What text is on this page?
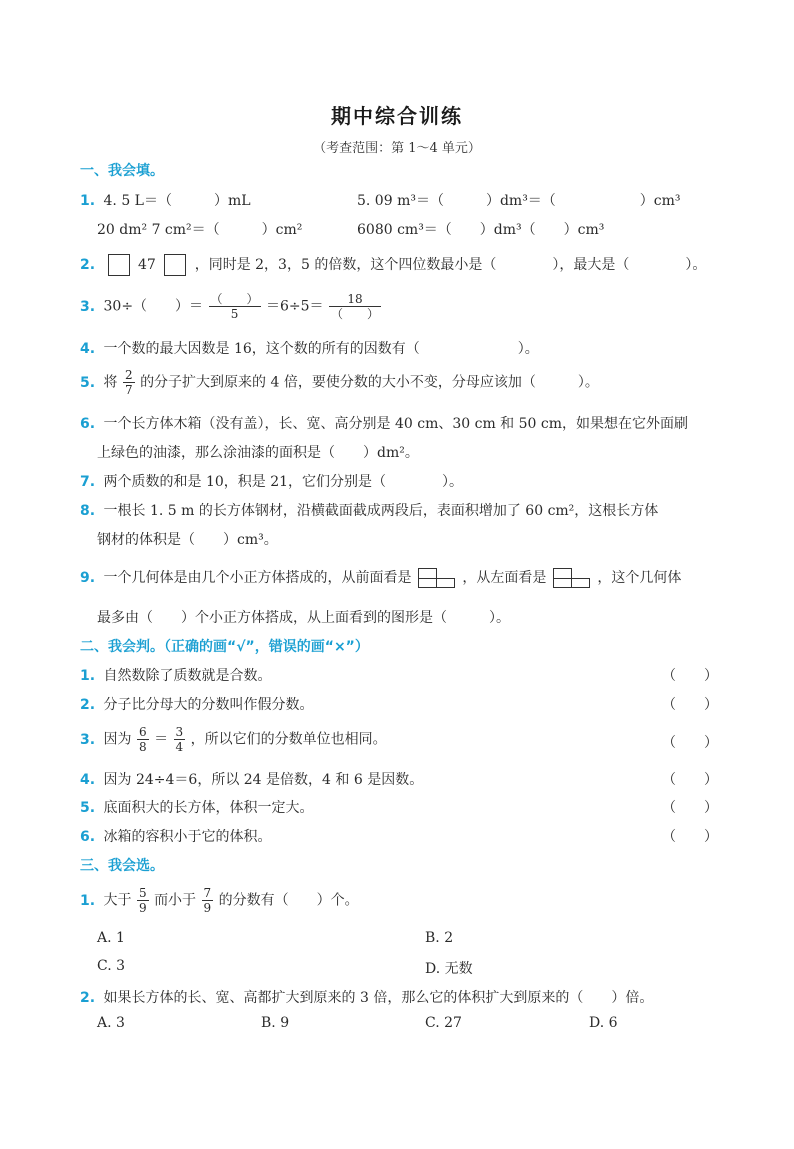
期中综合训练
（考查范围：第 1～4 单元）
一、我会填。
1. 4. 5 L＝（　　　）mL	5. 09 m³＝（　　　）dm³＝（　　　　　　）cm³
20 dm² 7 cm²＝（　　　）cm²	6080 cm³＝（　　）dm³（　　）cm³
2.	47	，同时是 2，3，5 的倍数，这个四位数最小是（　　　　），最大是（　　　　）。
3. 30÷（　　）＝ $\frac{( )}{5} =6\div 5= \frac{18}{( )}$
4. 一个数的最大因数是 16，这个数的所有的因数有（　　　　　　　）。
5. 将 $\frac{2}{7}$ 的分子扩大到原来的 4 倍，要使分数的大小不变，分母应该加（　　　）。
6. 一个长方体木箱（没有盖），长、宽、高分别是 40 cm、30 cm 和 50 cm，如果想在它外面刷
上绿色的油漆，那么涂油漆的面积是（　　）dm²。
7. 两个质数的和是 10，积是 21，它们分别是（　　　　）。
8. 一根长 1. 5 m 的长方体钢材，沿横截面截成两段后，表面积增加了 60 cm²，这根长方体
钢材的体积是（　　）cm³。
9. 一个几何体是由几个小正方体搭成的，从前面看是	，从左面看是	，这个几何体
最多由（　　）个小正方体搭成，从上面看到的图形是（　　　）。
二、我会判。（正确的画“√”，错误的画“×”）
1. 自然数除了质数就是合数。	（　　）
2. 分子比分母大的分数叫作假分数。	（　　）
3. 因为 $\frac{6}{8} = \frac{3}{4}$ ，所以它们的分数单位也相同。	（　　）
4. 因为 24÷4＝6，所以 24 是倍数，4 和 6 是因数。	（　　）
5. 底面积大的长方体，体积一定大。	（　　）
6. 冰箱的容积小于它的体积。	（　　）
三、我会选。
1. 大于 $\frac{5}{9}$ 而小于 $\frac{7}{9}$ 的分数有（　　）个。
A. 1	B. 2
C. 3	D. 无数
2. 如果长方体的长、宽、高都扩大到原来的 3 倍，那么它的体积扩大到原来的（　　）倍。
A. 3	B. 9	C. 27	D. 6
